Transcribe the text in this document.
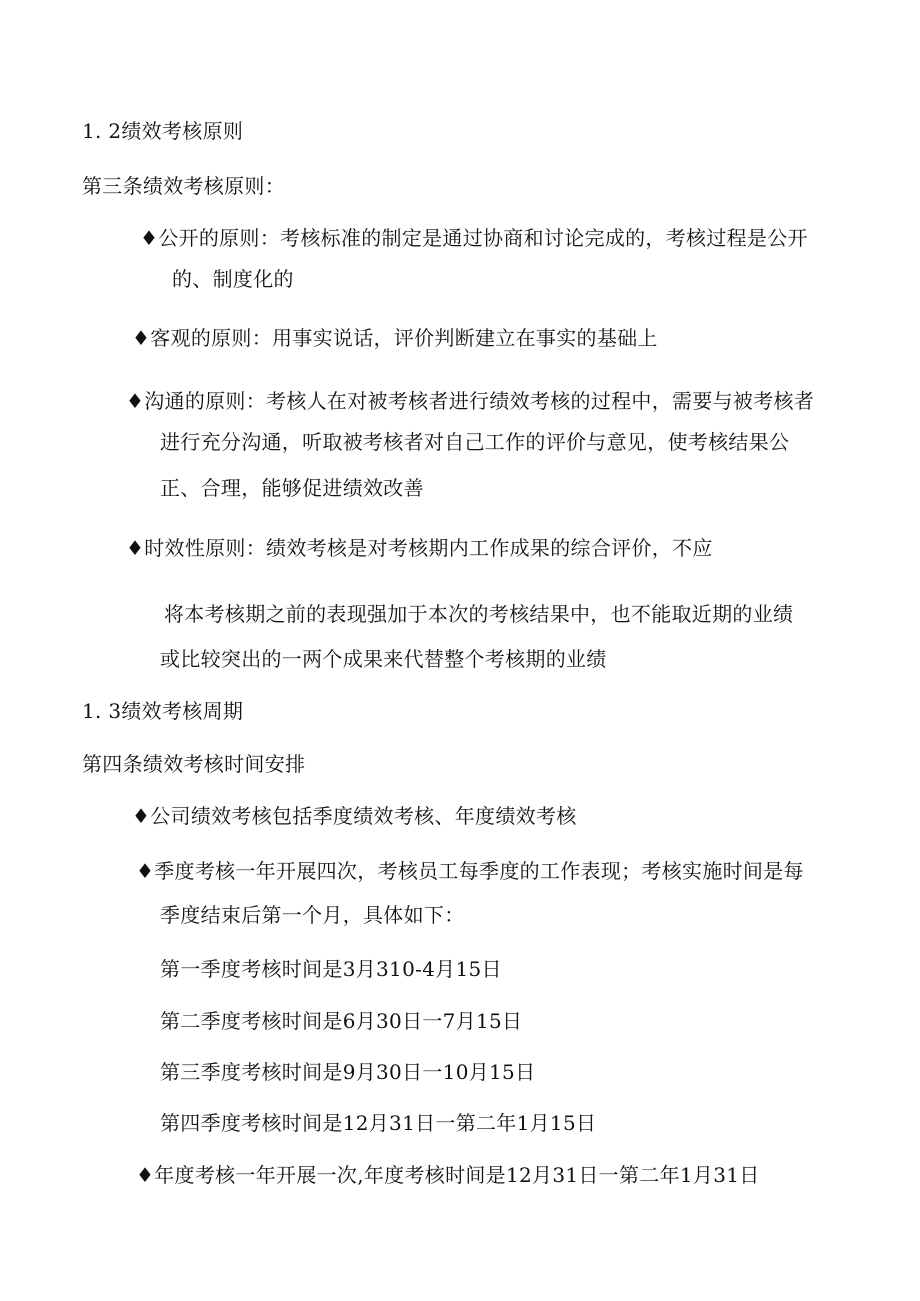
1. 2绩效考核原则
第三条绩效考核原则：
♦公开的原则：考核标准的制定是通过协商和讨论完成的，考核过程是公开
的、制度化的
♦客观的原则：用事实说话，评价判断建立在事实的基础上
♦沟通的原则：考核人在对被考核者进行绩效考核的过程中，需要与被考核者
进行充分沟通，听取被考核者对自己工作的评价与意见，使考核结果公
正、合理，能够促进绩效改善
♦时效性原则：绩效考核是对考核期内工作成果的综合评价，不应
将本考核期之前的表现强加于本次的考核结果中，也不能取近期的业绩
或比较突出的一两个成果来代替整个考核期的业绩
1. 3绩效考核周期
第四条绩效考核时间安排
♦公司绩效考核包括季度绩效考核、年度绩效考核
♦季度考核一年开展四次，考核员工每季度的工作表现；考核实施时间是每
季度结束后第一个月，具体如下：
第一季度考核时间是3月310-4月15日
第二季度考核时间是6月30日一7月15日
第三季度考核时间是9月30日一10月15日
第四季度考核时间是12月31日一第二年1月15日
♦年度考核一年开展一次,年度考核时间是12月31日一第二年1月31日
